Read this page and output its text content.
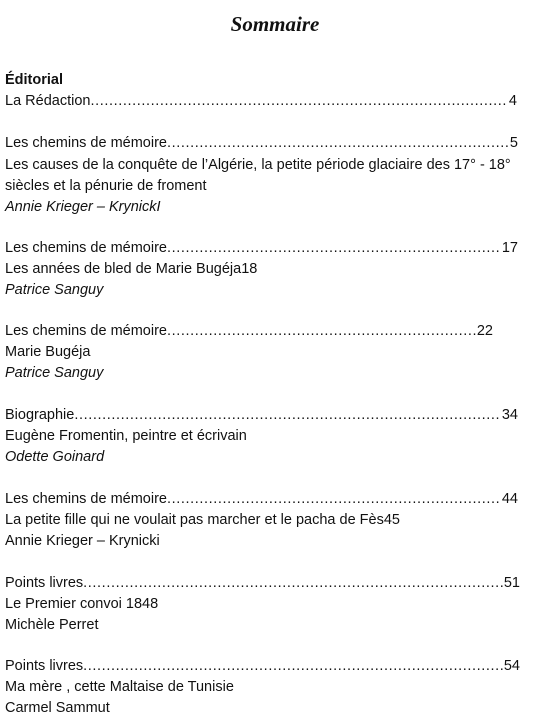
Sommaire
Éditorial
La Rédaction .....	4
Les chemins de mémoire .....	5
Les causes de la conquête de l’Algérie, la petite période glaciaire des 17° - 18°
siècles et la pénurie de froment
Annie Krieger – KrynickI
Les chemins de mémoire .....	17
Les années de bled de Marie Bugéja18
Patrice Sanguy
Les chemins de mémoire .....	22
Marie Bugéja
Patrice Sanguy
Biographie .....	34
Eugène Fromentin, peintre et écrivain
Odette Goinard
Les chemins de mémoire .....	44
La petite fille qui ne voulait pas marcher et le pacha de Fès45
Annie Krieger – Krynicki
Points livres .....	51
Le Premier convoi 1848
Michèle Perret
Points livres .....	54
Ma mère , cette Maltaise de Tunisie
Carmel Sammut
